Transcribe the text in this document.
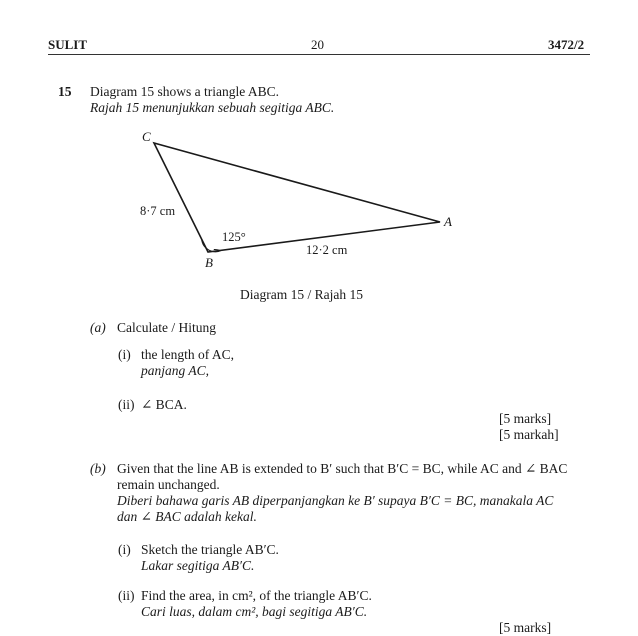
SULIT	20	3472/2
15 Diagram 15 shows a triangle ABC.
Rajah 15 menunjukkan sebuah segitiga ABC.
C
A
B
8·7 cm
125°
12·2 cm
Diagram 15 / Rajah 15
(a) Calculate / Hitung
(i) the length of AC,
panjang AC,
(ii) ∠ BCA.
[5 marks]
[5 markah]
(b) Given that the line AB is extended to B′ such that B′C = BC, while AC and ∠ BAC
remain unchanged.
Diberi bahawa garis AB diperpanjangkan ke B′ supaya B′C = BC, manakala AC
dan ∠ BAC adalah kekal.
(i) Sketch the triangle AB′C.
Lakar segitiga AB′C.
(ii) Find the area, in cm², of the triangle AB′C.
Cari luas, dalam cm², bagi segitiga AB′C.
[5 marks]
